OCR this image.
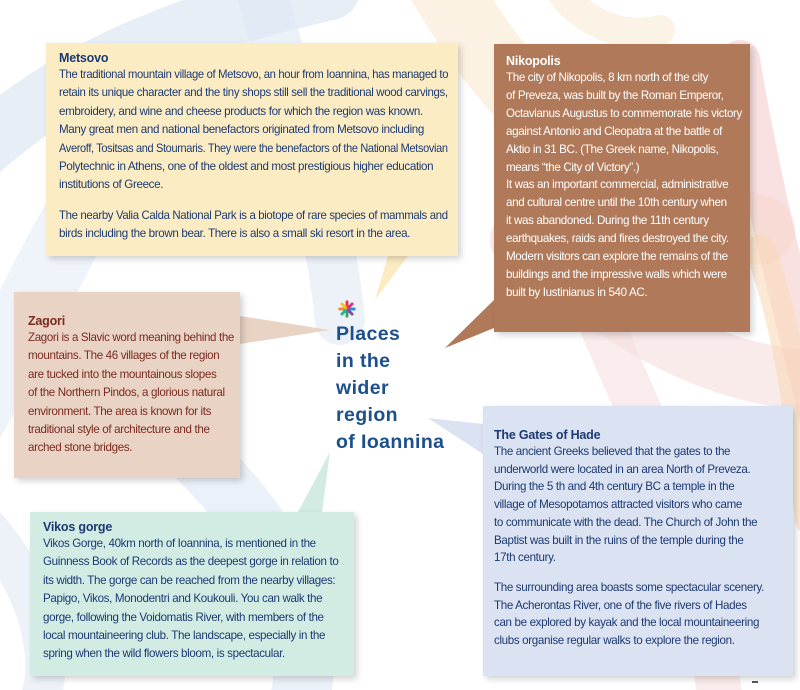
Places

in the

wider

region

of Ioannina

Metsovo

The traditional mountain village of Metsovo, an hour from Ioannina, has managed to

retain its unique character and the tiny shops still sell the traditional wood carvings,

embroidery, and wine and cheese products for which the region was known.

Many great men and national benefactors originated from Metsovo including

Averoff, Tositsas and Stournaris. They were the benefactors of the National Metsovian

Polytechnic in Athens, one of the oldest and most prestigious higher education

institutions of Greece.

The nearby Valia Calda National Park is a biotope of rare species of mammals and

birds including the brown bear. There is also a small ski resort in the area.

Nikopolis

The city of Nikopolis, 8 km north of the city

of Preveza, was built by the Roman Emperor,

Octavianus Augustus to commemorate his victory

against Antonio and Cleopatra at the battle of

Aktio in 31 BC. (The Greek name, Nikopolis,

means “the City of Victory”.)

It was an important commercial, administrative

and cultural centre until the 10th century when

it was abandoned. During the 11th century

earthquakes, raids and fires destroyed the city.

Modern visitors can explore the remains of the

buildings and the impressive walls which were

built by Iustinianus in 540 AC.

Zagori

Zagori is a Slavic word meaning behind the

mountains. The 46 villages of the region

are tucked into the mountainous slopes

of the Northern Pindos, a glorious natural

environment. The area is known for its

traditional style of architecture and the

arched stone bridges.

The Gates of Hade

The ancient Greeks believed that the gates to the

underworld were located in an area North of Preveza.

During the 5 th and 4th century BC a temple in the

village of Mesopotamos attracted visitors who came

to communicate with the dead. The Church of John the

Baptist was built in the ruins of the temple during the

17th century.

The surrounding area boasts some spectacular scenery.

The Acherontas River, one of the five rivers of Hades

can be explored by kayak and the local mountaineering

clubs organise regular walks to explore the region.

Vikos gorge

Vikos Gorge, 40km north of Ioannina, is mentioned in the

Guinness Book of Records as the deepest gorge in relation to

its width. The gorge can be reached from the nearby villages:

Papigo, Vikos, Monodentri and Koukouli. You can walk the

gorge, following the Voidomatis River, with members of the

local mountaineering club. The landscape, especially in the

spring when the wild flowers bloom, is spectacular.
